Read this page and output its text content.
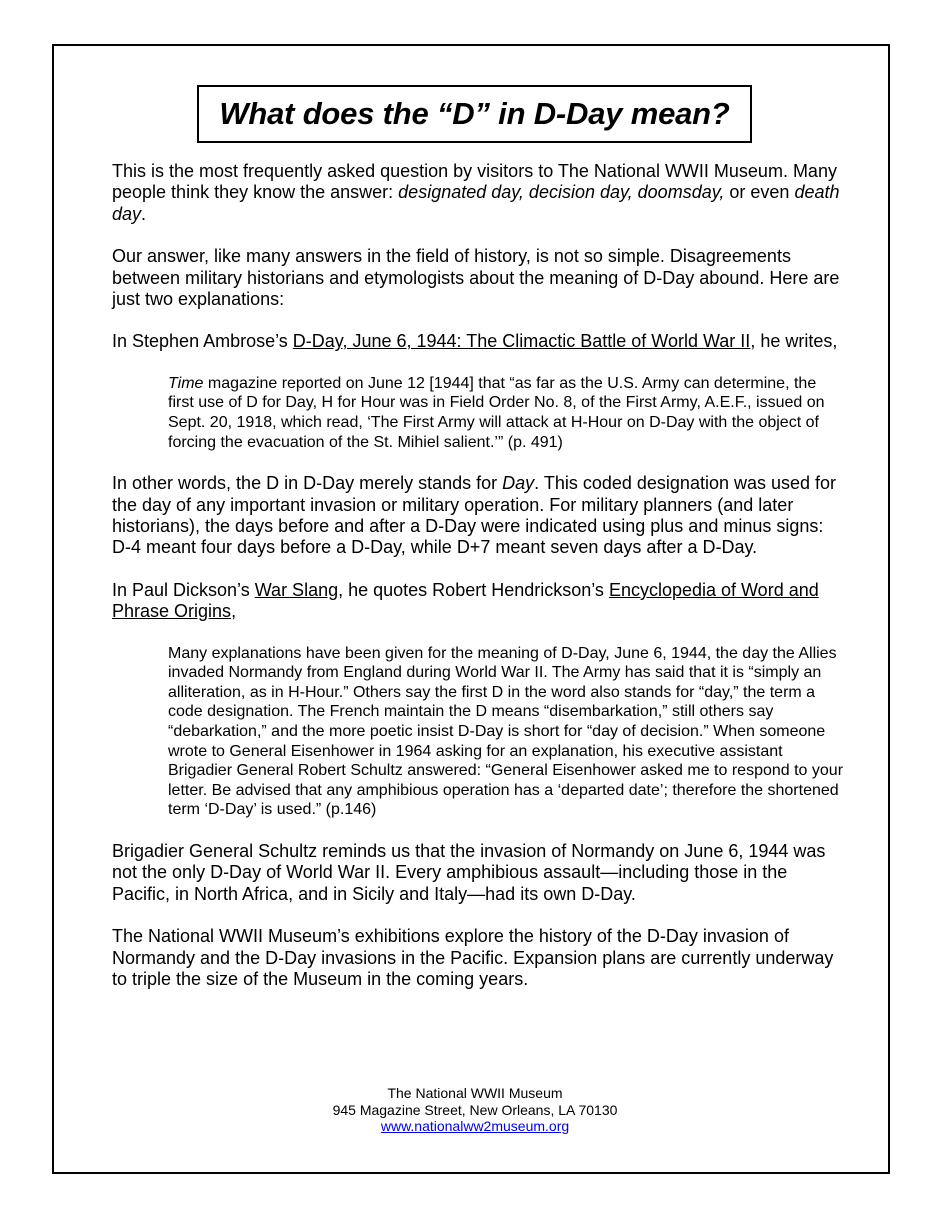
What does the “D” in D-Day mean?

This is the most frequently asked question by visitors to The National WWII Museum. Many people think they know the answer: designated day, decision day, doomsday, or even death day.

Our answer, like many answers in the field of history, is not so simple. Disagreements between military historians and etymologists about the meaning of D-Day abound. Here are just two explanations:

In Stephen Ambrose’s D-Day, June 6, 1944: The Climactic Battle of World War II, he writes,

Time magazine reported on June 12 [1944] that “as far as the U.S. Army can determine, the first use of D for Day, H for Hour was in Field Order No. 8, of the First Army, A.E.F., issued on Sept. 20, 1918, which read, ‘The First Army will attack at H-Hour on D-Day with the object of forcing the evacuation of the St. Mihiel salient.’” (p. 491)

In other words, the D in D-Day merely stands for Day. This coded designation was used for the day of any important invasion or military operation. For military planners (and later historians), the days before and after a D-Day were indicated using plus and minus signs: D-4 meant four days before a D-Day, while D+7 meant seven days after a D-Day.

In Paul Dickson’s War Slang, he quotes Robert Hendrickson’s Encyclopedia of Word and Phrase Origins,

Many explanations have been given for the meaning of D-Day, June 6, 1944, the day the Allies invaded Normandy from England during World War II. The Army has said that it is “simply an alliteration, as in H-Hour.” Others say the first D in the word also stands for “day,” the term a code designation. The French maintain the D means “disembarkation,” still others say “debarkation,” and the more poetic insist D-Day is short for “day of decision.” When someone wrote to General Eisenhower in 1964 asking for an explanation, his executive assistant Brigadier General Robert Schultz answered: “General Eisenhower asked me to respond to your letter. Be advised that any amphibious operation has a ‘departed date’; therefore the shortened term ‘D-Day’ is used.” (p.146)

Brigadier General Schultz reminds us that the invasion of Normandy on June 6, 1944 was not the only D-Day of World War II. Every amphibious assault—including those in the Pacific, in North Africa, and in Sicily and Italy—had its own D-Day.

The National WWII Museum’s exhibitions explore the history of the D-Day invasion of Normandy and the D-Day invasions in the Pacific. Expansion plans are currently underway to triple the size of the Museum in the coming years.

The National WWII Museum
945 Magazine Street, New Orleans, LA 70130
www.nationalww2museum.org
